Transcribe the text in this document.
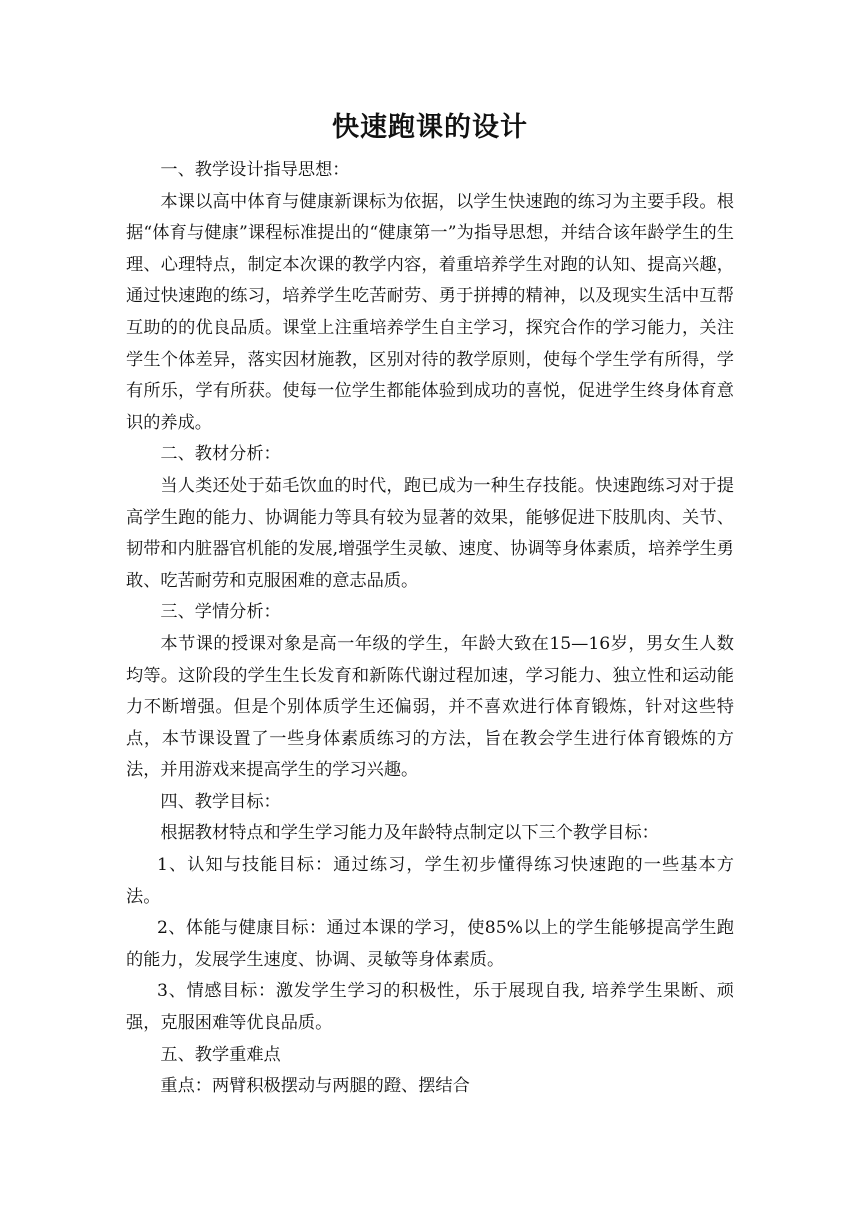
快速跑课的设计

一、教学设计指导思想：

本课以高中体育与健康新课标为依据，以学生快速跑的练习为主要手段。根据“体育与健康”课程标准提出的“健康第一”为指导思想，并结合该年龄学生的生理、心理特点，制定本次课的教学内容，着重培养学生对跑的认知、提高兴趣，通过快速跑的练习，培养学生吃苦耐劳、勇于拼搏的精神，以及现实生活中互帮互助的的优良品质。课堂上注重培养学生自主学习，探究合作的学习能力，关注学生个体差异，落实因材施教，区别对待的教学原则，使每个学生学有所得，学有所乐，学有所获。使每一位学生都能体验到成功的喜悦，促进学生终身体育意识的养成。

二、教材分析：

当人类还处于茹毛饮血的时代，跑已成为一种生存技能。快速跑练习对于提高学生跑的能力、协调能力等具有较为显著的效果，能够促进下肢肌肉、关节、韧带和内脏器官机能的发展,增强学生灵敏、速度、协调等身体素质，培养学生勇敢、吃苦耐劳和克服困难的意志品质。

三、学情分析：

本节课的授课对象是高一年级的学生，年龄大致在15—16岁，男女生人数均等。这阶段的学生生长发育和新陈代谢过程加速，学习能力、独立性和运动能力不断增强。但是个别体质学生还偏弱，并不喜欢进行体育锻炼，针对这些特点，本节课设置了一些身体素质练习的方法，旨在教会学生进行体育锻炼的方法，并用游戏来提高学生的学习兴趣。

四、教学目标：

根据教材特点和学生学习能力及年龄特点制定以下三个教学目标：

1、认知与技能目标：通过练习，学生初步懂得练习快速跑的一些基本方法。

2、体能与健康目标：通过本课的学习，使85%以上的学生能够提高学生跑的能力，发展学生速度、协调、灵敏等身体素质。

3、情感目标：激发学生学习的积极性，乐于展现自我, 培养学生果断、顽强，克服困难等优良品质。

五、教学重难点

重点：两臂积极摆动与两腿的蹬、摆结合
